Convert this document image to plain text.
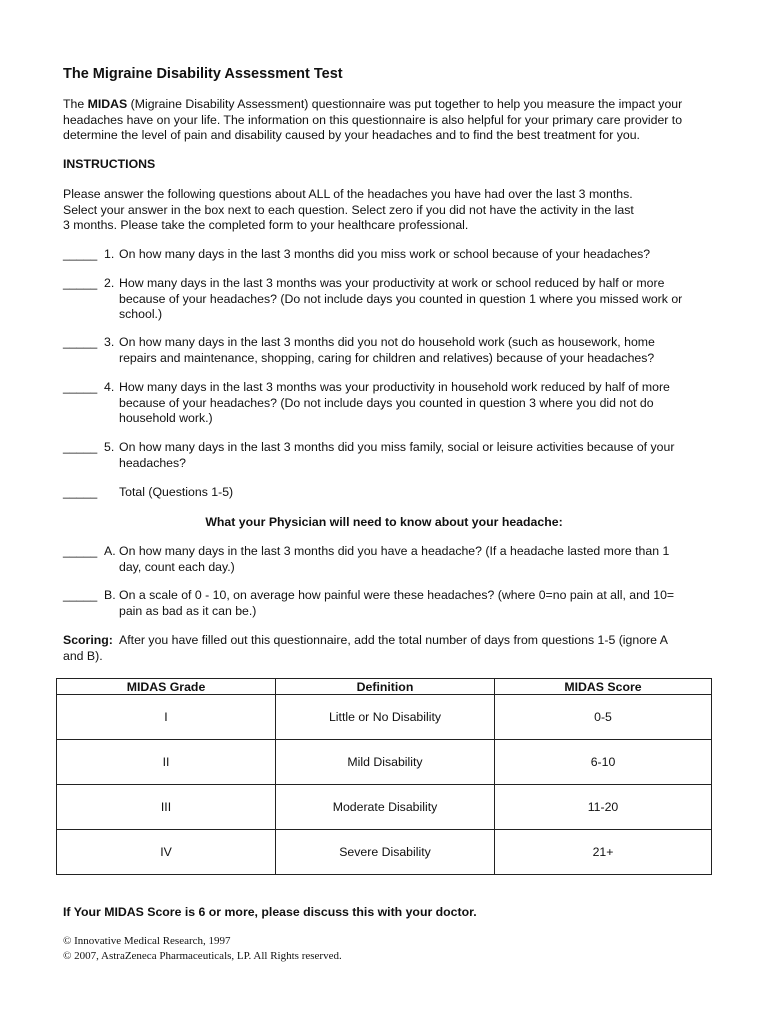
The Migraine Disability Assessment Test

The MIDAS (Migraine Disability Assessment) questionnaire was put together to help you measure the impact your
headaches have on your life. The information on this questionnaire is also helpful for your primary care provider to
determine the level of pain and disability caused by your headaches and to find the best treatment for you.

INSTRUCTIONS

Please answer the following questions about ALL of the headaches you have had over the last 3 months.
Select your answer in the box next to each question. Select zero if you did not have the activity in the last
3 months. Please take the completed form to your healthcare professional.

_____ 1. On how many days in the last 3 months did you miss work or school because of your headaches?
_____ 2. How many days in the last 3 months was your productivity at work or school reduced by half or more
because of your headaches? (Do not include days you counted in question 1 where you missed work or
school.)
_____ 3. On how many days in the last 3 months did you not do household work (such as housework, home
repairs and maintenance, shopping, caring for children and relatives) because of your headaches?
_____ 4. How many days in the last 3 months was your productivity in household work reduced by half of more
because of your headaches? (Do not include days you counted in question 3 where you did not do
household work.)
_____ 5. On how many days in the last 3 months did you miss family, social or leisure activities because of your
headaches?
_____ Total (Questions 1-5)
What your Physician will need to know about your headache:
_____ A. On how many days in the last 3 months did you have a headache? (If a headache lasted more than 1
day, count each day.)
_____ B. On a scale of 0 - 10, on average how painful were these headaches? (where 0=no pain at all, and 10=
pain as bad as it can be.)

Scoring:  After you have filled out this questionnaire, add the total number of days from questions 1-5 (ignore A
and B).

MIDAS Grade	Definition	MIDAS Score
I	Little or No Disability	0-5
II	Mild Disability	6-10
III	Moderate Disability	11-20
IV	Severe Disability	21+
If Your MIDAS Score is 6 or more, please discuss this with your doctor.
© Innovative Medical Research, 1997
© 2007, AstraZeneca Pharmaceuticals, LP. All Rights reserved.
